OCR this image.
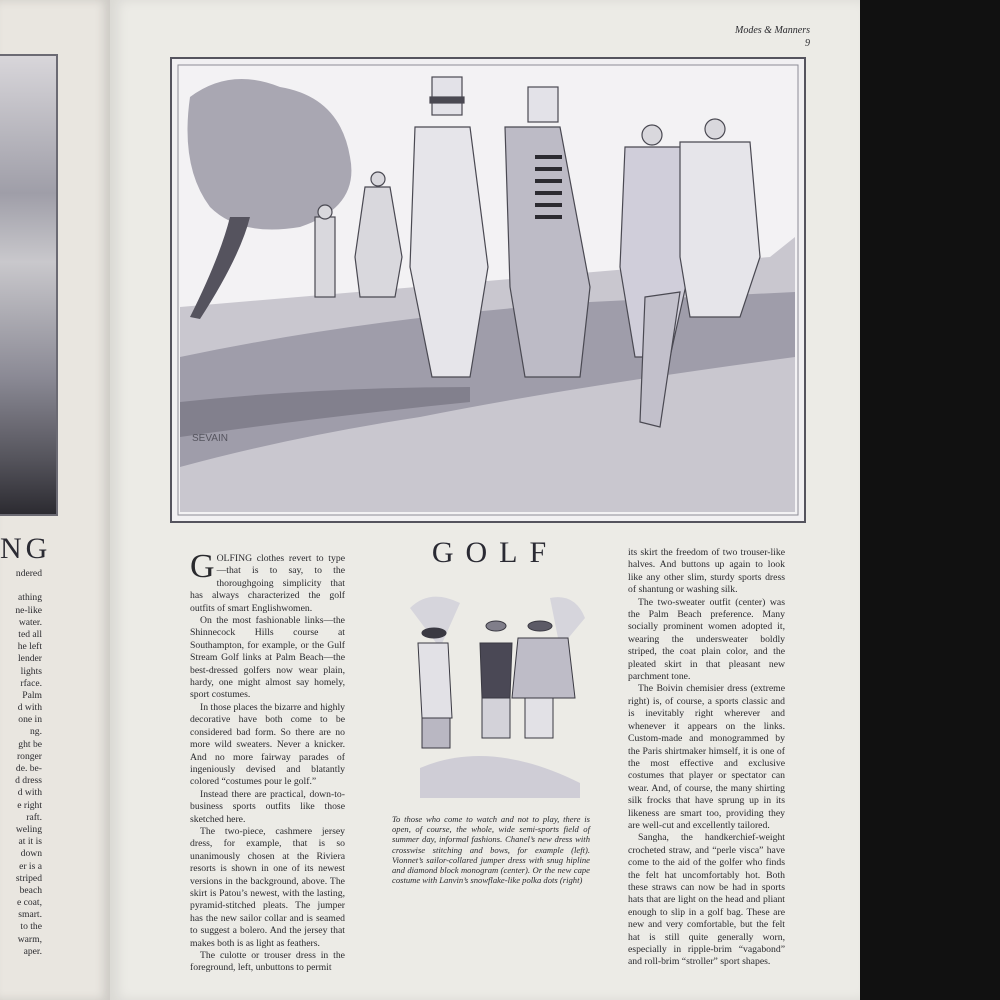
NG
ndered

athing
ne-like
water.
ted all
he left
lender
lights
rface.
Palm
d with
one in
ng.
ght be
ronger
de. be-
d dress
d with
e right
raft.
weling
at it is
down
er is a
striped
beach
e coat,
smart.
to the
warm,
aper.
Modes & Manners
9
SEVAIN

GOLFING clothes revert to type—that is to say, to the thoroughgoing simplicity that has always characterized the golf outfits of smart Englishwomen.

On the most fashionable links—the Shinnecock Hills course at Southampton, for example, or the Gulf Stream Golf links at Palm Beach—the best-dressed golfers now wear plain, hardy, one might almost say homely, sport costumes.

In those places the bizarre and highly decorative have both come to be considered bad form. So there are no more wild sweaters. Never a knicker. And no more fairway parades of ingeniously devised and blatantly colored “costumes pour le golf.”

Instead there are practical, down-to-business sports outfits like those sketched here.

The two-piece, cashmere jersey dress, for example, that is so unanimously chosen at the Riviera resorts is shown in one of its newest versions in the background, above. The skirt is Patou’s newest, with the lasting, pyramid-stitched pleats. The jumper has the new sailor collar and is seamed to suggest a bolero. And the jersey that makes both is as light as feathers.

The culotte or trouser dress in the foreground, left, unbuttons to permit

GOLF
To those who come to watch and not to play, there is open, of course, the whole, wide semi-sports field of summer day, informal fashions. Chanel’s new dress with crosswise stitching and bows, for example (left). Vionnet’s sailor-collared jumper dress with snug hipline and diamond block monogram (center). Or the new cape costume with Lanvin’s snowflake-like polka dots (right)

its skirt the freedom of two trouser-like halves. And buttons up again to look like any other slim, sturdy sports dress of shantung or washing silk.

The two-sweater outfit (center) was the Palm Beach preference. Many socially prominent women adopted it, wearing the undersweater boldly striped, the coat plain color, and the pleated skirt in that pleasant new parchment tone.

The Boivin chemisier dress (extreme right) is, of course, a sports classic and is inevitably right wherever and whenever it appears on the links. Custom-made and monogrammed by the Paris shirtmaker himself, it is one of the most effective and exclusive costumes that player or spectator can wear. And, of course, the many shirting silk frocks that have sprung up in its likeness are smart too, providing they are well-cut and excellently tailored.

Sangha, the handkerchief-weight crocheted straw, and “perle visca” have come to the aid of the golfer who finds the felt hat uncomfortably hot. Both these straws can now be had in sports hats that are light on the head and pliant enough to slip in a golf bag. These are new and very comfortable, but the felt hat is still quite generally worn, especially in ripple-brim “vagabond” and roll-brim “stroller” sport shapes.
